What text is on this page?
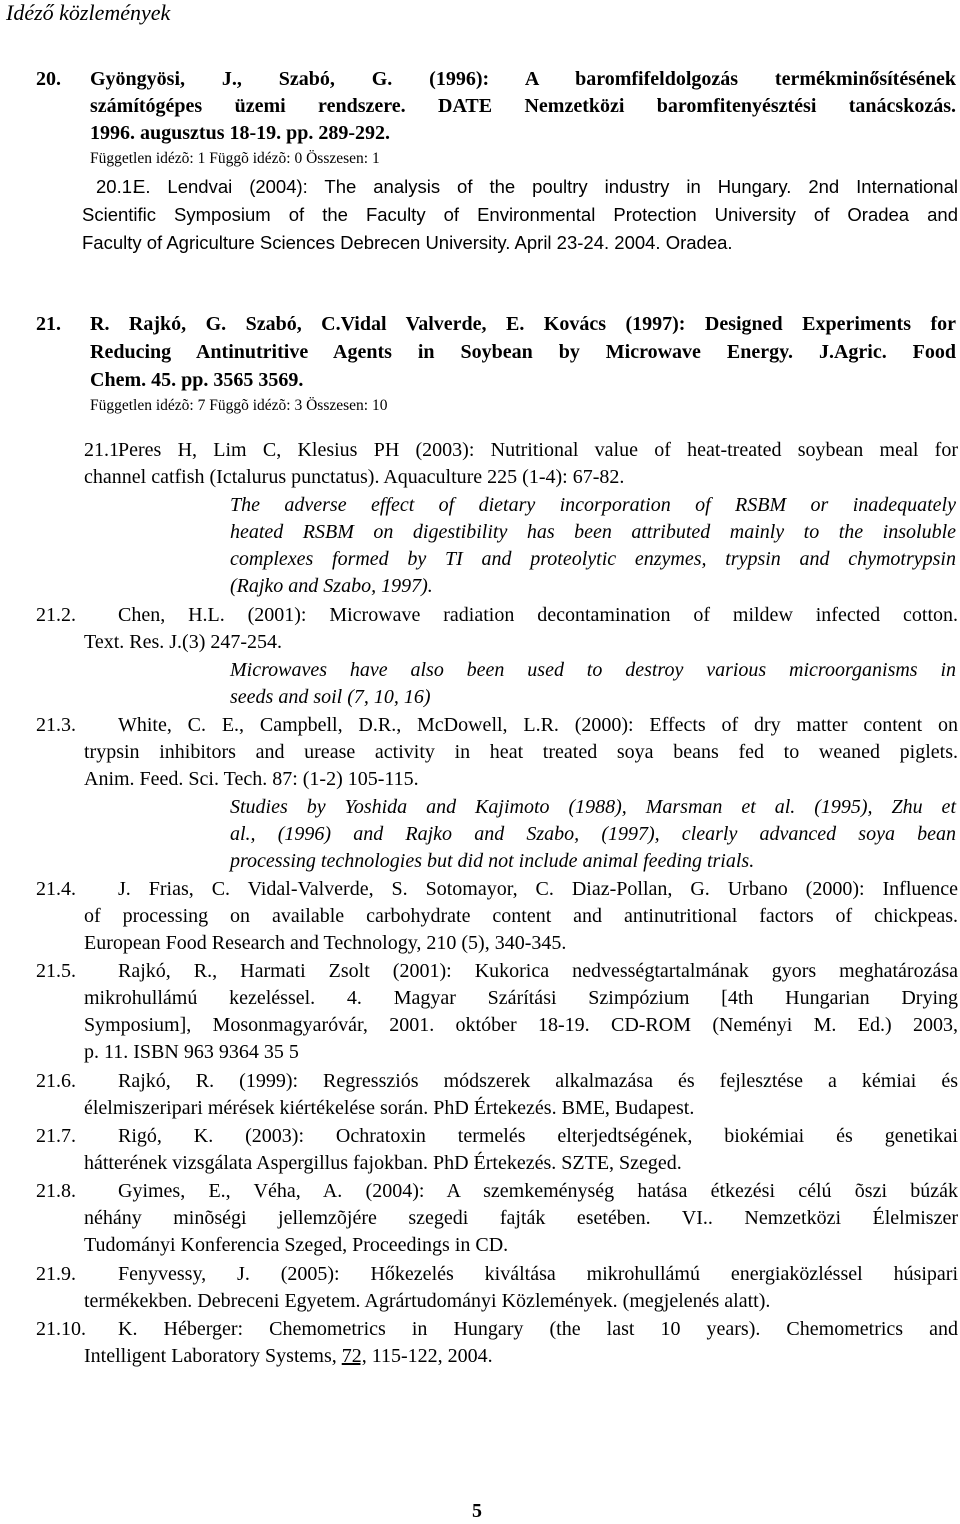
Idéző közlemények
20. Gyöngyösi, J., Szabó, G. (1996): A baromfifeldolgozás termékminősítésének
számítógépes üzemi rendszere. DATE Nemzetközi baromfitenyésztési tanácskozás.
1996. augusztus 18-19. pp. 289-292.
Független idézõ: 1 Függõ idézõ: 0 Összesen: 1
20.1.
E. Lendvai (2004): The analysis of the poultry industry in Hungary. 2nd International
Scientific Symposium of the Faculty of Environmental Protection University of Oradea and
Faculty of Agriculture Sciences Debrecen University. April 23-24. 2004. Oradea.
21. R. Rajkó, G. Szabó, C.Vidal Valverde, E. Kovács (1997): Designed Experiments for
Reducing Antinutritive Agents in Soybean by Microwave Energy. J.Agric. Food
Chem. 45. pp. 3565 3569.
Független idézõ: 7 Függõ idézõ: 3 Összesen: 10
21.1.
Peres H, Lim C, Klesius PH (2003): Nutritional value of heat-treated soybean meal for
channel catfish (Ictalurus punctatus). Aquaculture 225 (1-4): 67-82.
The adverse effect of dietary incorporation of RSBM or inadequately
heated RSBM on digestibility has been attributed mainly to the insoluble
complexes formed by TI and proteolytic enzymes, trypsin and chymotrypsin
(Rajko and Szabo, 1997).
21.2. Chen, H.L. (2001): Microwave radiation decontamination of mildew infected cotton.
Text. Res. J.(3) 247-254.
Microwaves have also been used to destroy various microorganisms in
seeds and soil (7, 10, 16)
21.3. White, C. E., Campbell, D.R., McDowell, L.R. (2000): Effects of dry matter content on
trypsin inhibitors and urease activity in heat treated soya beans fed to weaned piglets.
Anim. Feed. Sci. Tech. 87: (1-2) 105-115.
Studies by Yoshida and Kajimoto (1988), Marsman et al. (1995), Zhu et
al., (1996) and Rajko and Szabo, (1997), clearly advanced soya bean
processing technologies but did not include animal feeding trials.
21.4. J. Frias, C. Vidal-Valverde, S. Sotomayor, C. Diaz-Pollan, G. Urbano (2000): Influence
of processing on available carbohydrate content and antinutritional factors of chickpeas.
European Food Research and Technology, 210 (5), 340-345.
21.5. Rajkó, R., Harmati Zsolt (2001): Kukorica nedvességtartalmának gyors meghatározása
mikrohullámú kezeléssel. 4. Magyar Szárítási Szimpózium [4th Hungarian Drying
Symposium], Mosonmagyaróvár, 2001. október 18-19. CD-ROM (Neményi M. Ed.) 2003,
p. 11. ISBN 963 9364 35 5
21.6. Rajkó, R. (1999): Regressziós módszerek alkalmazása és fejlesztése a kémiai és
élelmiszeripari mérések kiértékelése során. PhD Értekezés. BME, Budapest.
21.7. Rigó, K. (2003): Ochratoxin termelés elterjedtségének, biokémiai és genetikai
hátterének vizsgálata Aspergillus fajokban. PhD Értekezés. SZTE, Szeged.
21.8. Gyimes, E., Véha, A. (2004): A szemkeménység hatása étkezési célú õszi búzák
néhány minõségi jellemzõjére szegedi fajták esetében. VI.. Nemzetközi Élelmiszer
Tudományi Konferencia Szeged, Proceedings in CD.
21.9. Fenyvessy, J. (2005): Hőkezelés kiváltása mikrohullámú energiaközléssel húsipari
termékekben. Debreceni Egyetem. Agrártudományi Közlemények. (megjelenés alatt).
21.10. K. Héberger: Chemometrics in Hungary (the last 10 years). Chemometrics and
Intelligent Laboratory Systems, 72, 115-122, 2004.
5
